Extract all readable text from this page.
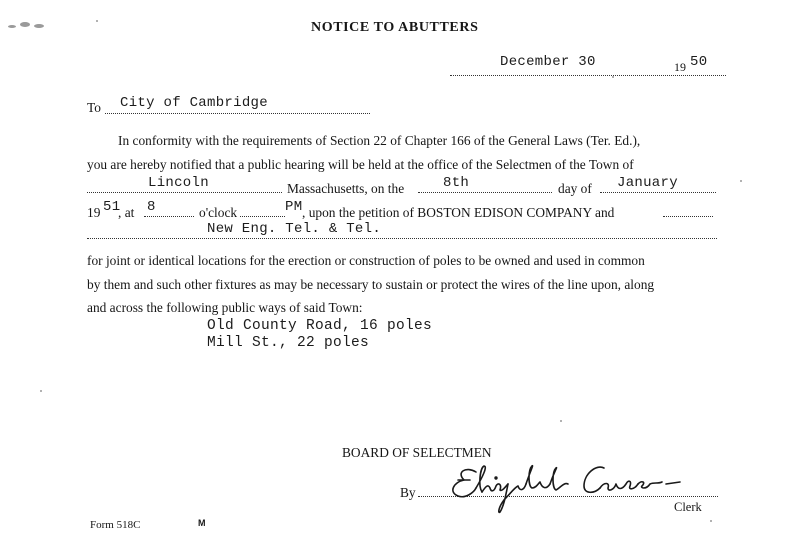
NOTICE TO ABUTTERS
December 30	19 50
To City of Cambridge
In conformity with the requirements of Section 22 of Chapter 166 of the General Laws (Ter. Ed.),
you are hereby notified that a public hearing will be held at the office of the Selectmen of the Town of
Lincoln	Massachusetts, on the	8th	day of January
19 51
, at 8	o'clock	PM , upon the petition of BOSTON EDISON COMPANY and
New Eng. Tel. & Tel.
for joint or identical locations for the erection or construction of poles to be owned and used in common
by them and such other fixtures as may be necessary to sustain or protect the wires of the line upon, along
and across the following public ways of said Town:
Old County Road, 16 poles
Mill St., 22 poles
BOARD OF SELECTMEN
By
Clerk
Form 518C	M
